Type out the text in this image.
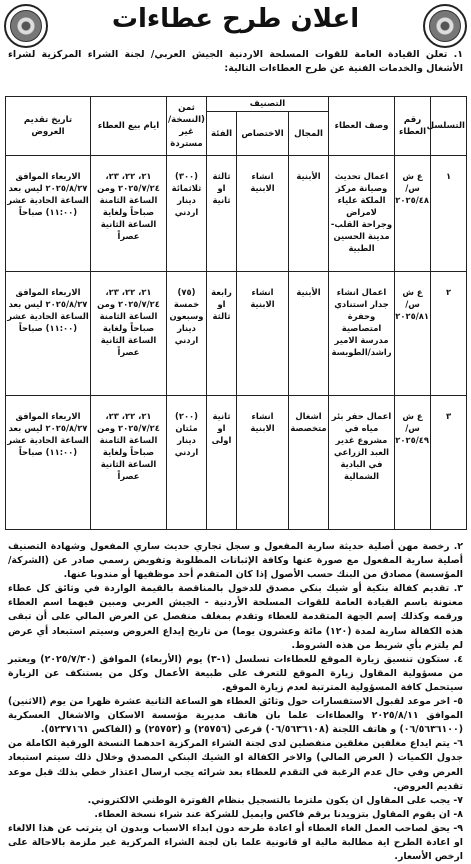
اعلان طرح عطاءات
١. تعلن القيادة العامة للقوات المسلحة الاردنية الجيش العربي/ لجنة الشراء المركزية لشراء الأشغال والخدمات الفنية عن طرح العطاءات التالية:
التسلسل	رقم العطاء	وصف العطاء	التصنيف			ثمن (النسخة/ غير مستردة	ايام بيع العطاء	تاريخ تقديم العروض
			المجال	الاختصاص	الفئة			
١	ع ش س/ ٢٠٢٥/٤٨	اعمال تحديث وصيانة مركز الملكة علياء لامراض وجراحة القلب- مدينة الحسين الطبية	الأبنية	انشاء الابنية	ثالثة او ثانية	(٣٠٠) ثلاثمائة دينار اردني	٢١، ٢٢، ٢٣، ٢٠٢٥/٧/٢٤ ومن الساعة الثامنة صباحاً ولغاية الساعة الثانية عصراً	الاربعاء الموافق ٢٠٢٥/٨/٢٧ ليس بعد الساعة الحادية عشر (١١:٠٠) صباحاً
٢	ع ش س/ ٢٠٢٥/٨١	اعمال انشاء جدار استنادي وحفرة امتصاصية مدرسة الامير راشد/الطوبسة	الأبنية	انشاء الابنية	رابعة او ثالثة	(٧٥) خمسة وسبعون دينار اردني	٢١، ٢٢، ٢٣، ٢٠٢٥/٧/٢٤ ومن الساعة الثامنة صباحاً ولغاية الساعة الثانية عصراً	الاربعاء الموافق ٢٠٢٥/٨/٢٧ ليس بعد الساعة الحادية عشر (١١:٠٠) صباحاً
٣	ع ش س/ ٢٠٢٥/٤٩	اعمال حفر بئر مياه في مشروع غدير العبد الزراعي في البادية الشمالية	اشغال متخصصة	انشاء الابنية	ثانية او اولى	(٢٠٠) مئتان دينار اردني	٢١، ٢٢، ٢٣، ٢٠٢٥/٧/٢٤ ومن الساعة الثامنة صباحاً ولغاية الساعة الثانية عصراً	الاربعاء الموافق ٢٠٢٥/٨/٢٧ ليس بعد الساعة الحادية عشر (١١:٠٠) صباحاً

٢. رخصة مهن أصلية حديثة سارية المفعول و سجل تجاري حديث ساري المفعول وشهادة التصنيف أصلية سارية المفعول مع صورة عنها وكافة الإثباتات المطلوبة وتفويض رسمي صادر عن (الشركة/ المؤسسة) مصادق من البنك حسب الأصول إذا كان المتقدم أحد موظفيها أو مندوبا عنها.

٣. تقديم كفالة بنكية أو شيك بنكي مصدق للدخول بالمناقصة بالقيمة الواردة في وثائق كل عطاء معنونة باسم القيادة العامة للقوات المسلحة الأردنية - الجيش العربي ومبين فيهما اسم العطاء ورقمه وكذلك إسم الجهة المتقدمة للعطاء وتقدم بمغلف منفصل عن العرض المالي على أن تبقى هذه الكفالة سارية لمدة (١٢٠) مائة وعشرون يوما) من تاريخ إيداع العروض وسيتم استبعاد أي عرض لم يلتزم بأي شريط من هذه الشروط.

٤. ستكون تنسيق زيارة الموقع للعطاءات تسلسل (١-٣) يوم (الأربعاء) الموافق (٢٠٢٥/٧/٣٠) ويعتبر من مسؤولية المقاول زيارة الموقع للتعرف على طبيعة الأعمال وكل من يستنكف عن الزيارة سيتحمل كافة المسؤولية المترتبة لعدم زيارة الموقع.

٥- اخر موعد لقبول الاستفسارات حول وثائق العطاء هو الساعة الثانية عشرة ظهرا من يوم (الاثنين) الموافق ٢٠٢٥/٨/١١ والعطاءات علما بان هاتف مديرية مؤسسة الاسكان والاشغال العسكرية (٠٦/٥٦٣٦١٠٠) و هاتف اللجنة (٠٦/٥٦٣٦١٠٨) فرعي (٢٥٧٥٦) و (٢٥٧٥٣) و (الفاكس ٥٢٣٧١٦١).

٦- يتم ايداع مغلفين مغلقين منفصلين لدى لجنة الشراء المركزية احدهما النسخة الورقية الكاملة من جدول الكميات ( العرض المالي) والاخر الكفالة او الشيك البنكي المصدق وخلال ذلك سيتم استبعاد العرض وفي حال عدم الرغبة في التقدم للعطاء بعد شرائه يجب ارسال اعتذار خطي بذلك قبل موعد تقديم العروض.

٧- يجب على المقاول ان يكون ملتزما بالتسجيل بنظام الفوترة الوطني الالكتروني.

٨- ان يقوم المقاول بتزويدنا برقم فاكس وايميل للشركة عند شراء نسخة العطاء.

٩- يحق لصاحب العمل الغاء العطاء أو اعادة طرحه دون ابداء الاسباب وبدون ان يترتب عن هذا الالغاء او اعادة الطرح اية مطالبة مالية او قانونية علما بان لجنة الشراء المركزية غير ملزمة بالاحالة على ارخص الأسعار.
